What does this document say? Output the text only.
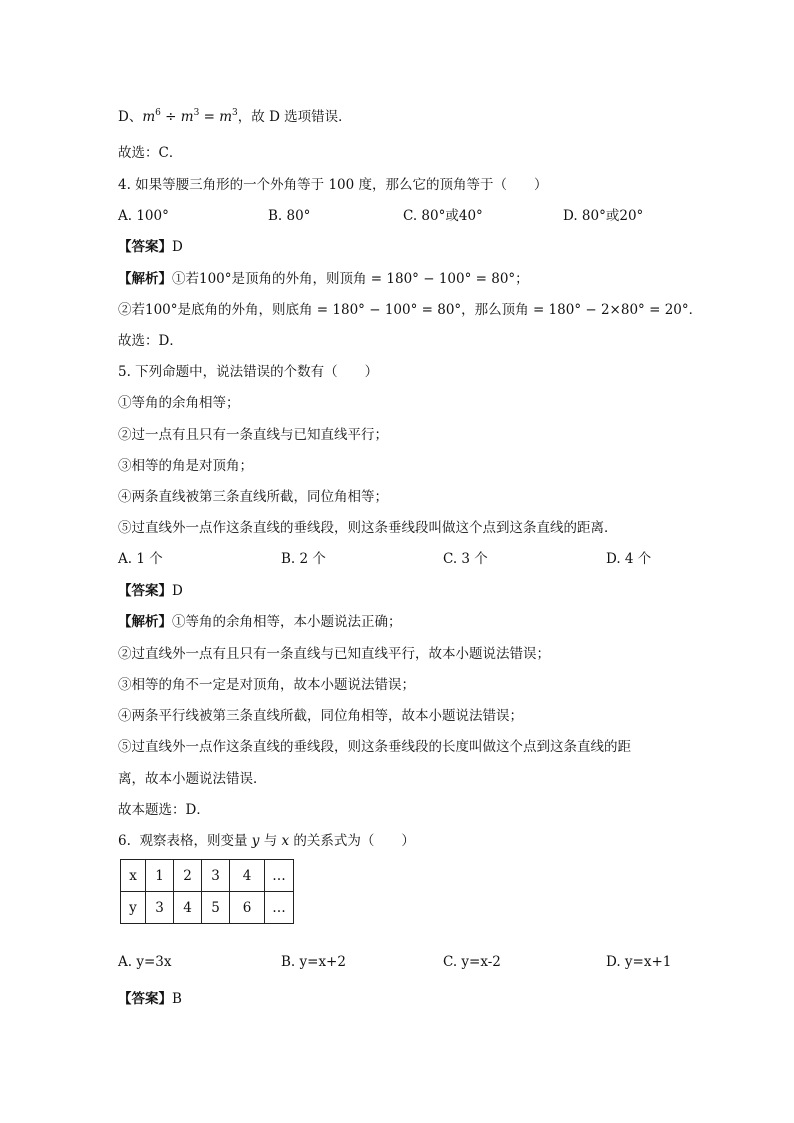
D、$m^6 \div m^3 = m^3$，故 D 选项错误．
故选：C．
4. 如果等腰三角形的一个外角等于 100 度，那么它的顶角等于（　　）
A. 100°	B. 80°	C. 80°或40°	D. 80°或20°
【答案】D
【解析】①若100°是顶角的外角，则顶角 = 180° − 100° = 80°；
②若100°是底角的外角，则底角 = 180° − 100° = 80°，那么顶角 = 180° − 2×80° = 20°．
故选：D．
5. 下列命题中，说法错误的个数有（　　）
①等角的余角相等；
②过一点有且只有一条直线与已知直线平行；
③相等的角是对顶角；
④两条直线被第三条直线所截，同位角相等；
⑤过直线外一点作这条直线的垂线段，则这条垂线段叫做这个点到这条直线的距离．
A. 1 个	B. 2 个	C. 3 个	D. 4 个
【答案】D
【解析】①等角的余角相等，本小题说法正确；
②过直线外一点有且只有一条直线与已知直线平行，故本小题说法错误；
③相等的角不一定是对顶角，故本小题说法错误；
④两条平行线被第三条直线所截，同位角相等，故本小题说法错误；
⑤过直线外一点作这条直线的垂线段，则这条垂线段的长度叫做这个点到这条直线的距
离，故本小题说法错误．
故本题选：D．
6.  观察表格，则变量 y 与 x 的关系式为（　　）
x	1	2	3	4	…
y	3	4	5	6	…
A. y=3x	B. y=x+2	C. y=x-2	D. y=x+1
【答案】B
